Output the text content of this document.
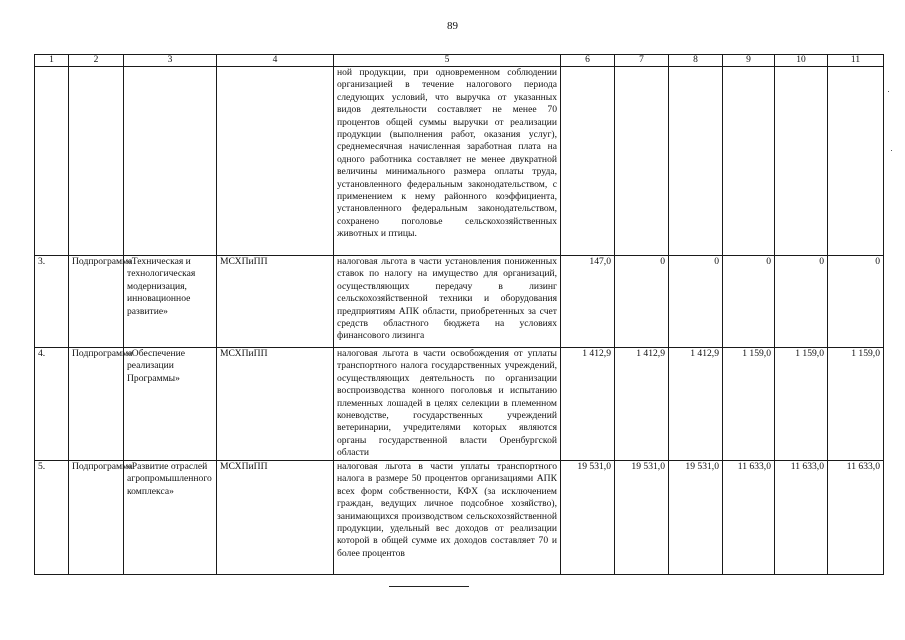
89
1	2	3	4	5	6	7	8	9	10	11
				ной продукции, при одновременном соблюдении организацией в течение налогового периода следующих условий, что выручка от указанных видов деятельности составляет не менее 70 процентов общей суммы выручки от реализации продукции (выполнения работ, оказания услуг), среднемесячная начисленная заработная плата на одного работника составляет не менее двукратной величины минимального размера оплаты труда, установленного федеральным законодательством, с применением к нему районного коэффициента, установленного федеральным законодательством, сохранено поголовье сельскохозяйственных животных и птицы.						
3.	Подпрограмма	«Техническая и технологическая модернизация, инновационное развитие»	МСХПиПП	налоговая льгота в части установления пониженных ставок по налогу на имущество для организаций, осуществляющих передачу в лизинг сельскохозяйственной техники и оборудования предприятиям АПК области, приобретенных за счет средств областного бюджета на условиях финансового лизинга	147,0	0	0	0	0	0
4.	Подпрограмма	«Обеспечение реализации Программы»	МСХПиПП	налоговая льгота в части освобождения от уплаты транспортного налога государственных учреждений, осуществляющих деятельность по организации воспроизводства конного поголовья и испытанию племенных лошадей в целях селекции в племенном коневодстве, государственных учреждений ветеринарии, учредителями которых являются органы государственной власти Оренбургской области	1 412,9	1 412,9	1 412,9	1 159,0	1 159,0	1 159,0
5.	Подпрограмма	«Развитие отраслей агропромышленного комплекса»	МСХПиПП	налоговая льгота в части уплаты транспортного налога в размере 50 процентов организациями АПК всех форм собственности, КФХ (за исключением граждан, ведущих личное подсобное хозяйство), занимающихся производством сельскохозяйственной продукции, удельный вес доходов от реализации которой в общей сумме их доходов составляет 70 и более процентов	19 531,0	19 531,0	19 531,0	11 633,0	11 633,0	11 633,0
